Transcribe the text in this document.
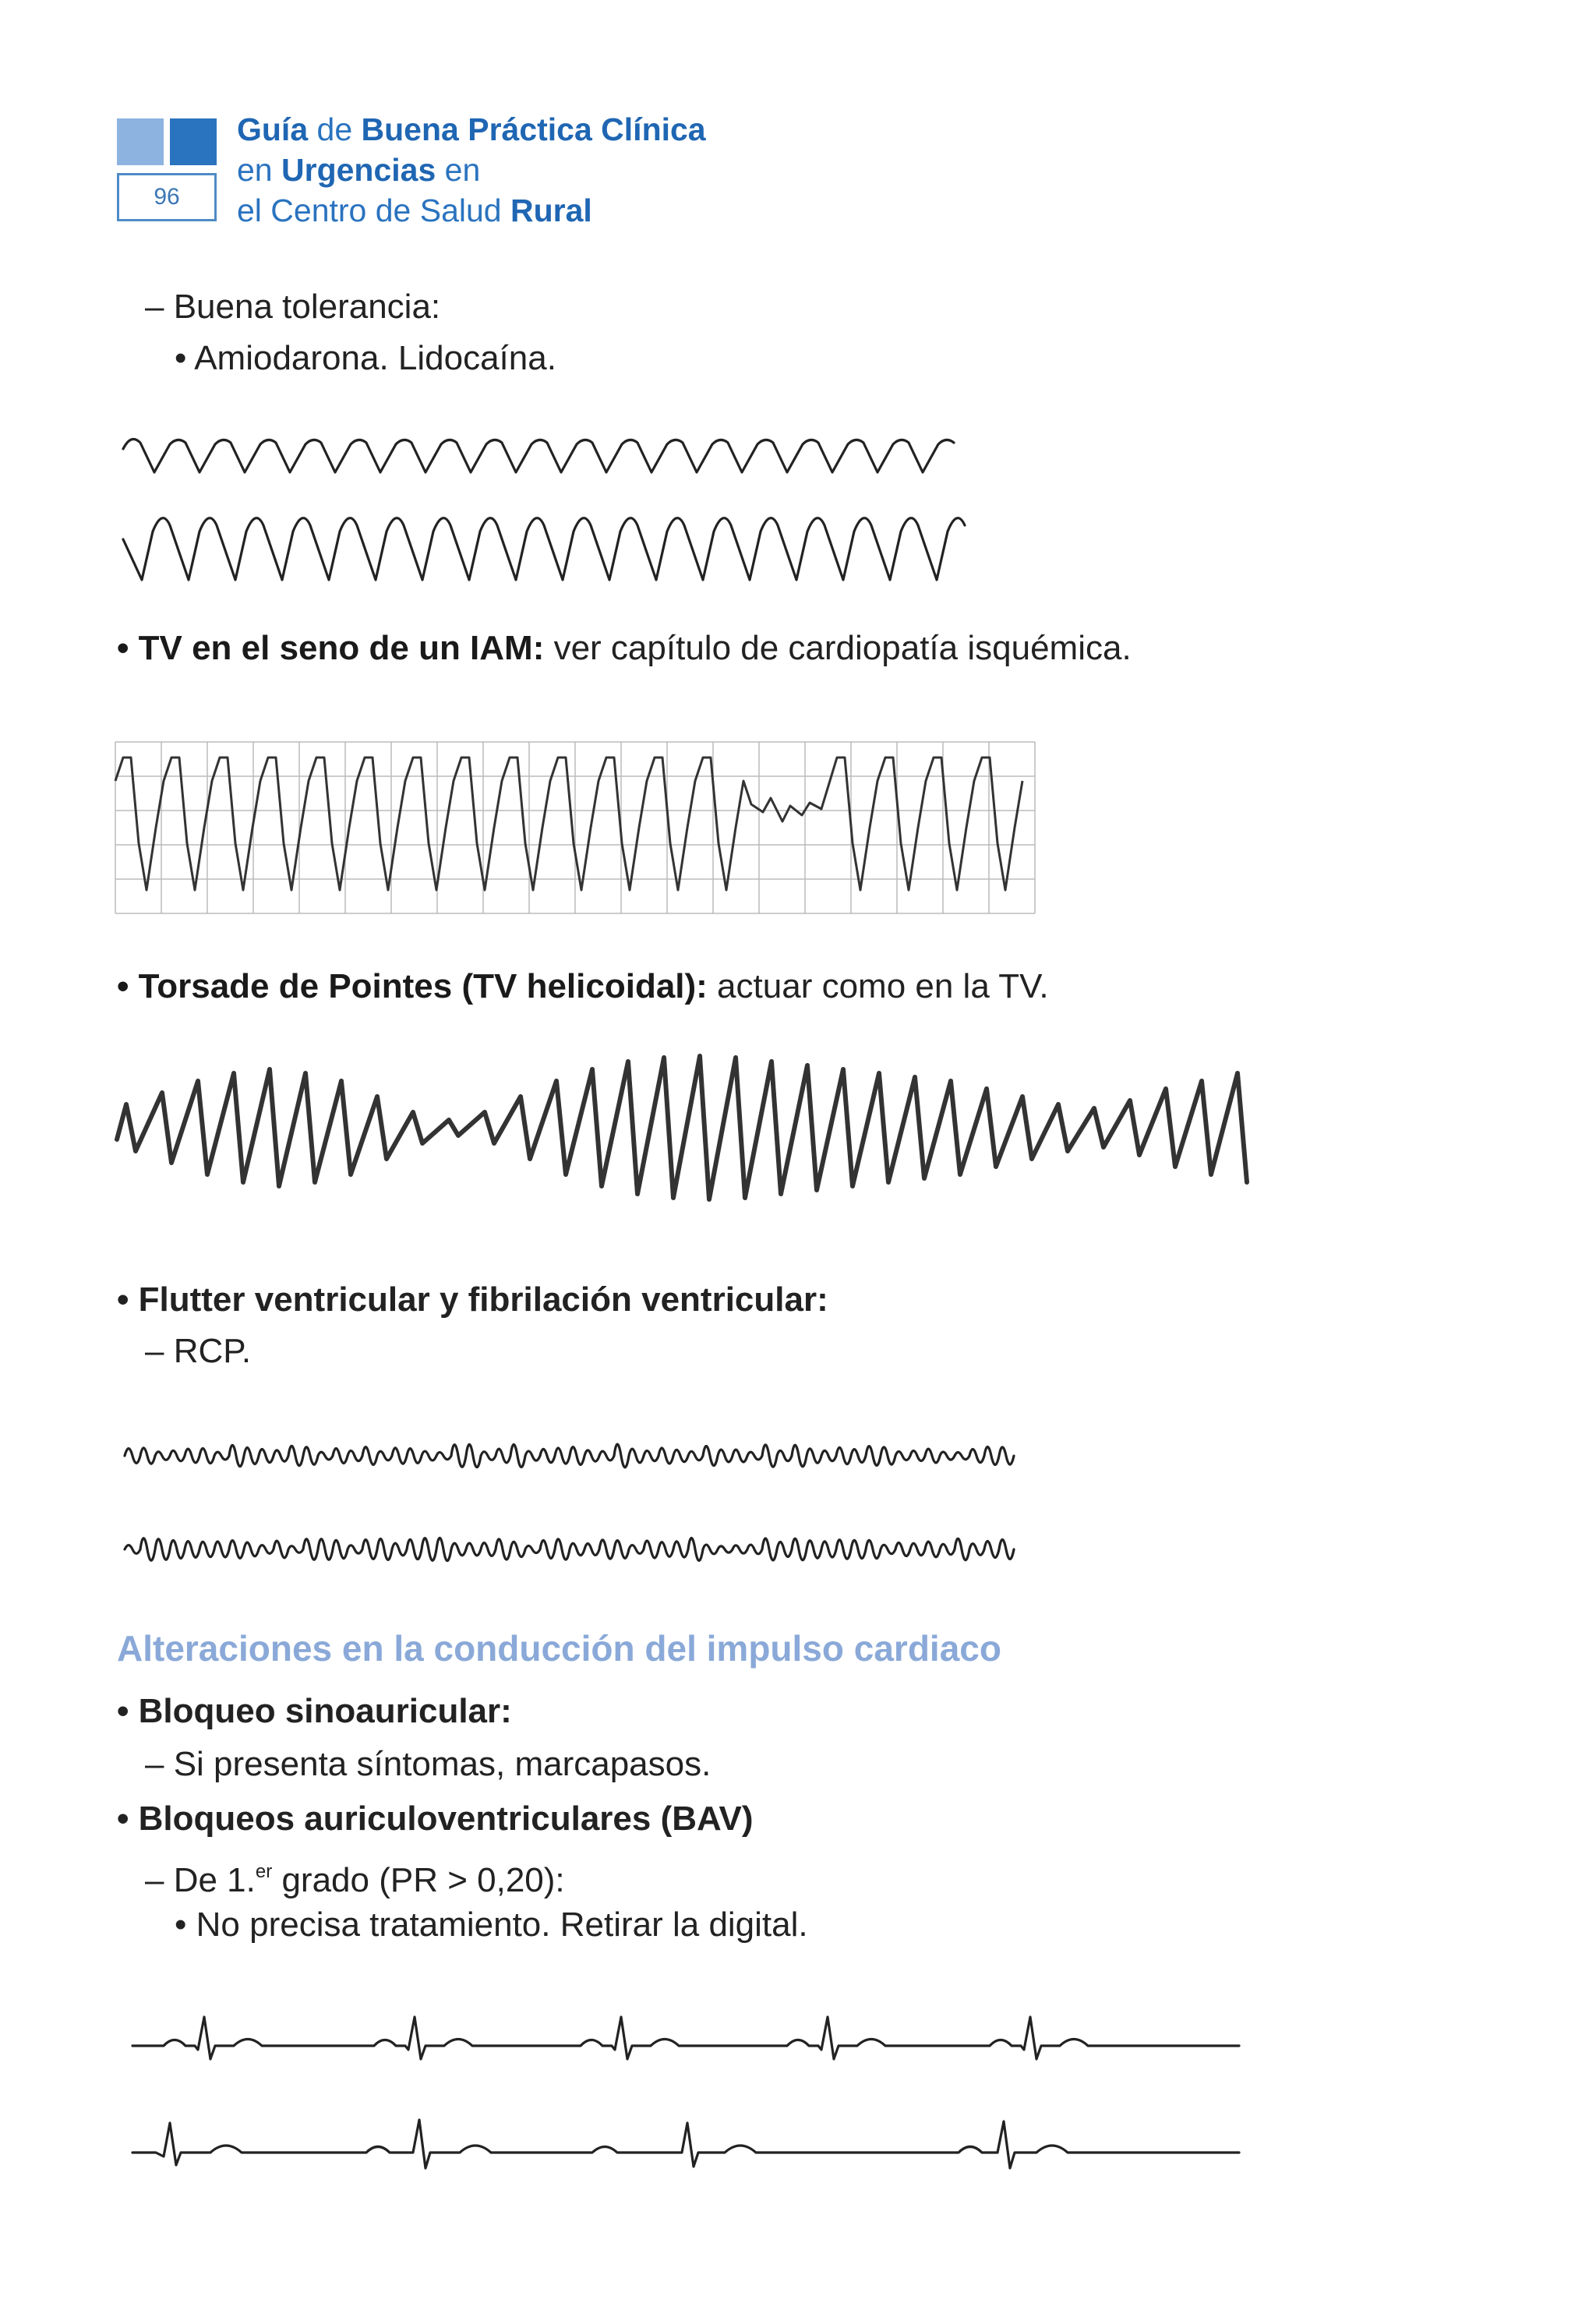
96
Guía de Buena Práctica Clínica
en Urgencias en
el Centro de Salud Rural
– Buena tolerancia:
• Amiodarona. Lidocaína.
• TV en el seno de un IAM: ver capítulo de cardiopatía isquémica.
• Torsade de Pointes (TV helicoidal): actuar como en la TV.
• Flutter ventricular y fibrilación ventricular:
– RCP.
Alteraciones en la conducción del impulso cardiaco
• Bloqueo sinoauricular:
– Si presenta síntomas, marcapasos.
• Bloqueos auriculoventriculares (BAV)
– De 1.$^{er}$ grado (PR > 0,20):
• No precisa tratamiento. Retirar la digital.
